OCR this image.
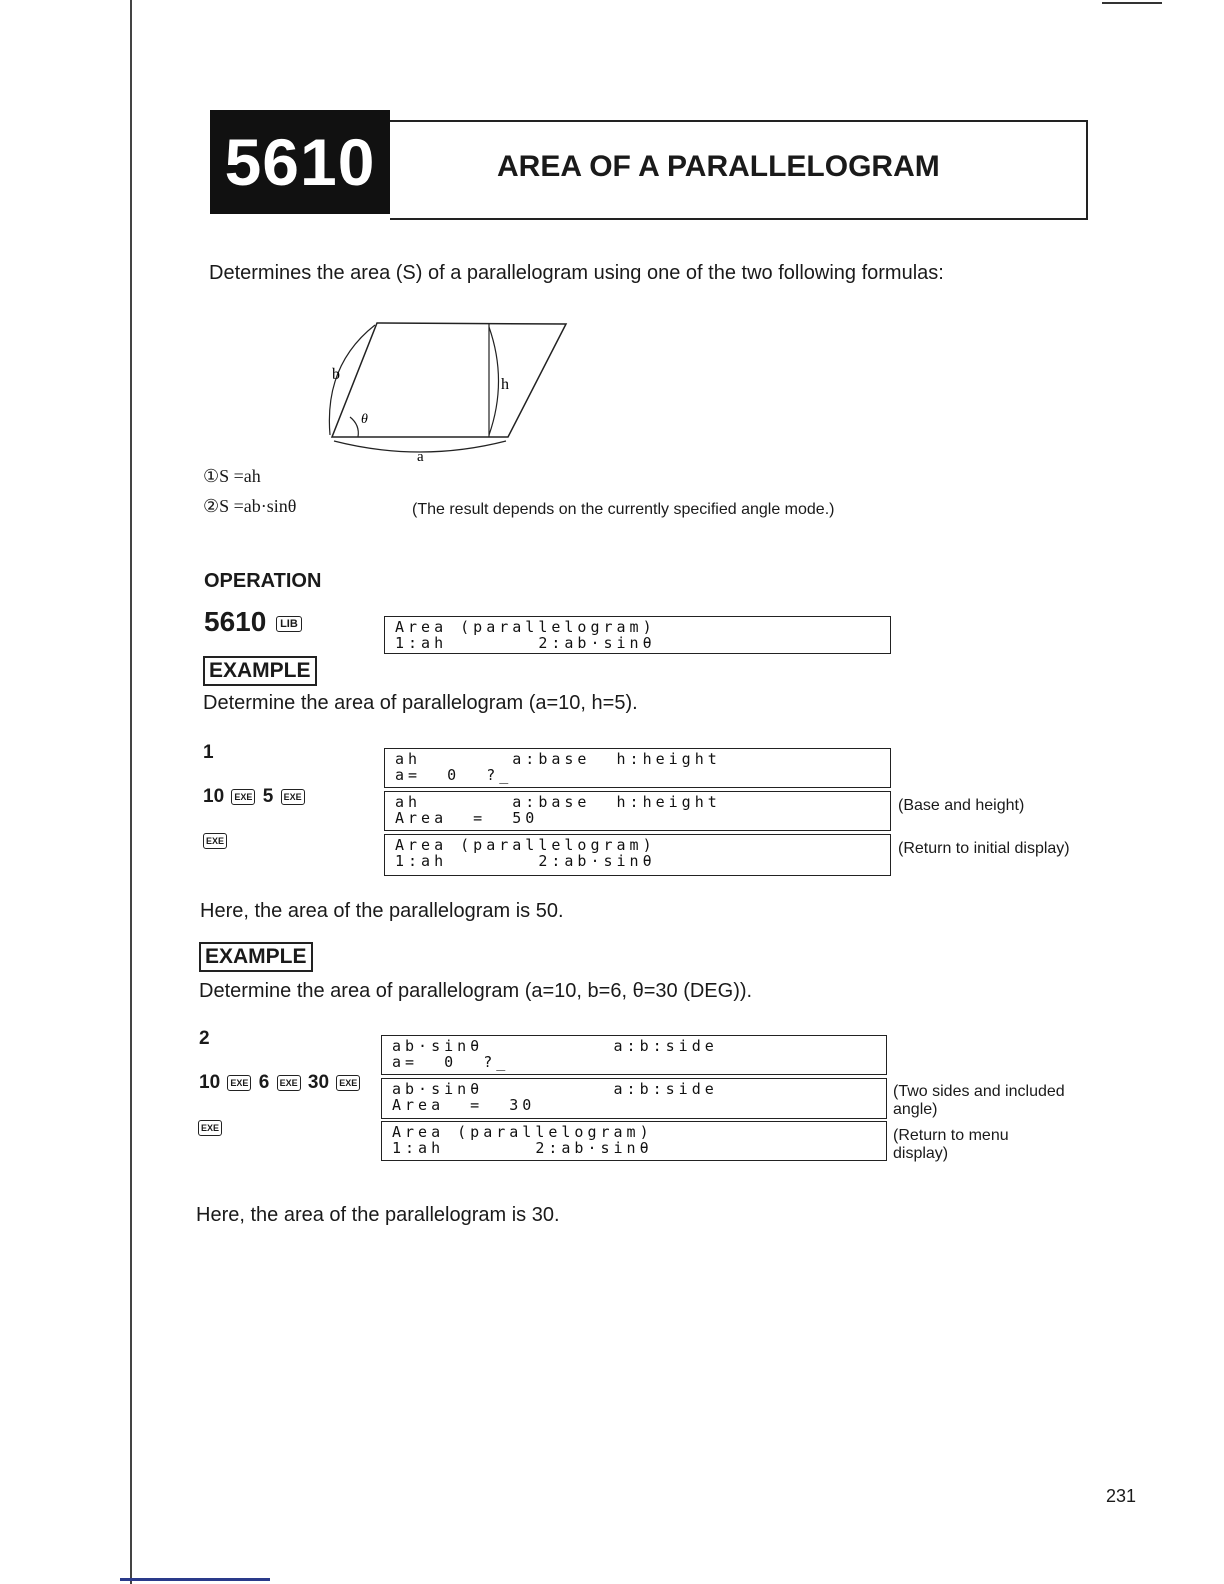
5610	AREA OF A PARALLELOGRAM
Determines the area (S) of a parallelogram using one of the two following formulas:
b
h
θ
a
①S =ah
②S =ab·sinθ	(The result depends on the currently specified angle mode.)
OPERATION
5610 LIB	Area (parallelogram)
1:ah       2:ab·sinθ
EXAMPLE
Determine the area of parallelogram (a=10, h=5).
1	ah       a:base  h:height
a=  0  ?_
10 EXE 5 EXE	ah       a:base  h:height
Area  =  50
(Base and height)
EXE	Area (parallelogram)
1:ah       2:ab·sinθ
(Return to initial display)
Here, the area of the parallelogram is 50.
EXAMPLE
Determine the area of parallelogram (a=10, b=6, θ=30 (DEG)).
2	ab·sinθ          a:b:side
a=  0  ?_
10 EXE 6 EXE 30 EXE	ab·sinθ          a:b:side
Area  =  30
(Two sides and included
angle)
EXE	Area (parallelogram)
1:ah       2:ab·sinθ
(Return to menu
display)
Here, the area of the parallelogram is 30.
231
